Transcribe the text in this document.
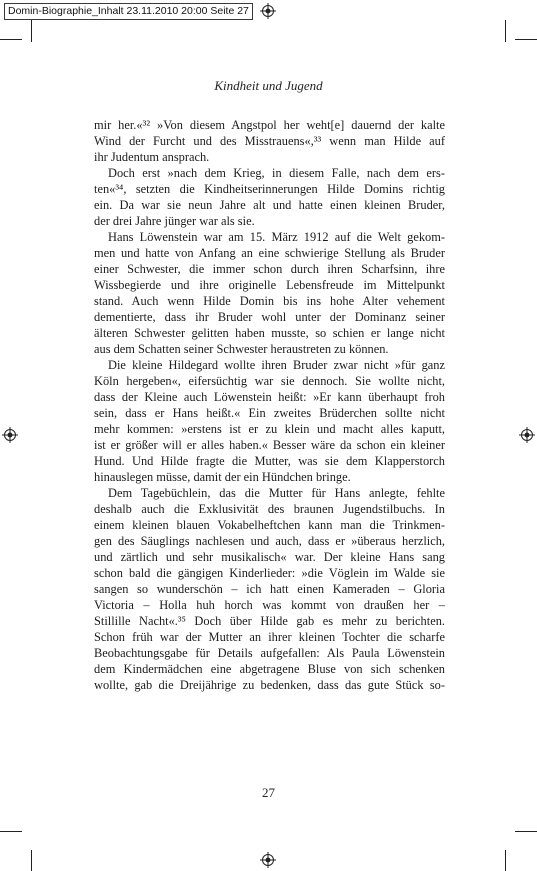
Domin-Biographie_Inhalt 23.11.2010 20:00 Seite 27
Kindheit und Jugend
mir her.«³² »Von diesem Angstpol her weht[e] dauernd der kalte
Wind der Furcht und des Misstrauens«,³³ wenn man Hilde auf
ihr Judentum ansprach.
Doch erst »nach dem Krieg, in diesem Falle, nach dem ers-
ten«³⁴, setzten die Kindheitserinnerungen Hilde Domins richtig
ein. Da war sie neun Jahre alt und hatte einen kleinen Bruder,
der drei Jahre jünger war als sie.
Hans Löwenstein war am 15. März 1912 auf die Welt gekom-
men und hatte von Anfang an eine schwierige Stellung als Bruder
einer Schwester, die immer schon durch ihren Scharfsinn, ihre
Wissbegierde und ihre originelle Lebensfreude im Mittelpunkt
stand. Auch wenn Hilde Domin bis ins hohe Alter vehement
dementierte, dass ihr Bruder wohl unter der Dominanz seiner
älteren Schwester gelitten haben musste, so schien er lange nicht
aus dem Schatten seiner Schwester heraustreten zu können.
Die kleine Hildegard wollte ihren Bruder zwar nicht »für ganz
Köln hergeben«, eifersüchtig war sie dennoch. Sie wollte nicht,
dass der Kleine auch Löwenstein heißt: »Er kann überhaupt froh
sein, dass er Hans heißt.« Ein zweites Brüderchen sollte nicht
mehr kommen: »erstens ist er zu klein und macht alles kaputt,
ist er größer will er alles haben.« Besser wäre da schon ein kleiner
Hund. Und Hilde fragte die Mutter, was sie dem Klapperstorch
hinauslegen müsse, damit der ein Hündchen bringe.
Dem Tagebüchlein, das die Mutter für Hans anlegte, fehlte
deshalb auch die Exklusivität des braunen Jugendstilbuchs. In
einem kleinen blauen Vokabelheftchen kann man die Trinkmen-
gen des Säuglings nachlesen und auch, dass er »überaus herzlich,
und zärtlich und sehr musikalisch« war. Der kleine Hans sang
schon bald die gängigen Kinderlieder: »die Vöglein im Walde sie
sangen so wunderschön – ich hatt einen Kameraden – Gloria
Victoria – Holla huh horch was kommt von draußen her –
Stillille Nacht«.³⁵ Doch über Hilde gab es mehr zu berichten.
Schon früh war der Mutter an ihrer kleinen Tochter die scharfe
Beobachtungsgabe für Details aufgefallen: Als Paula Löwenstein
dem Kindermädchen eine abgetragene Bluse von sich schenken
wollte, gab die Dreijährige zu bedenken, dass das gute Stück so-
27
